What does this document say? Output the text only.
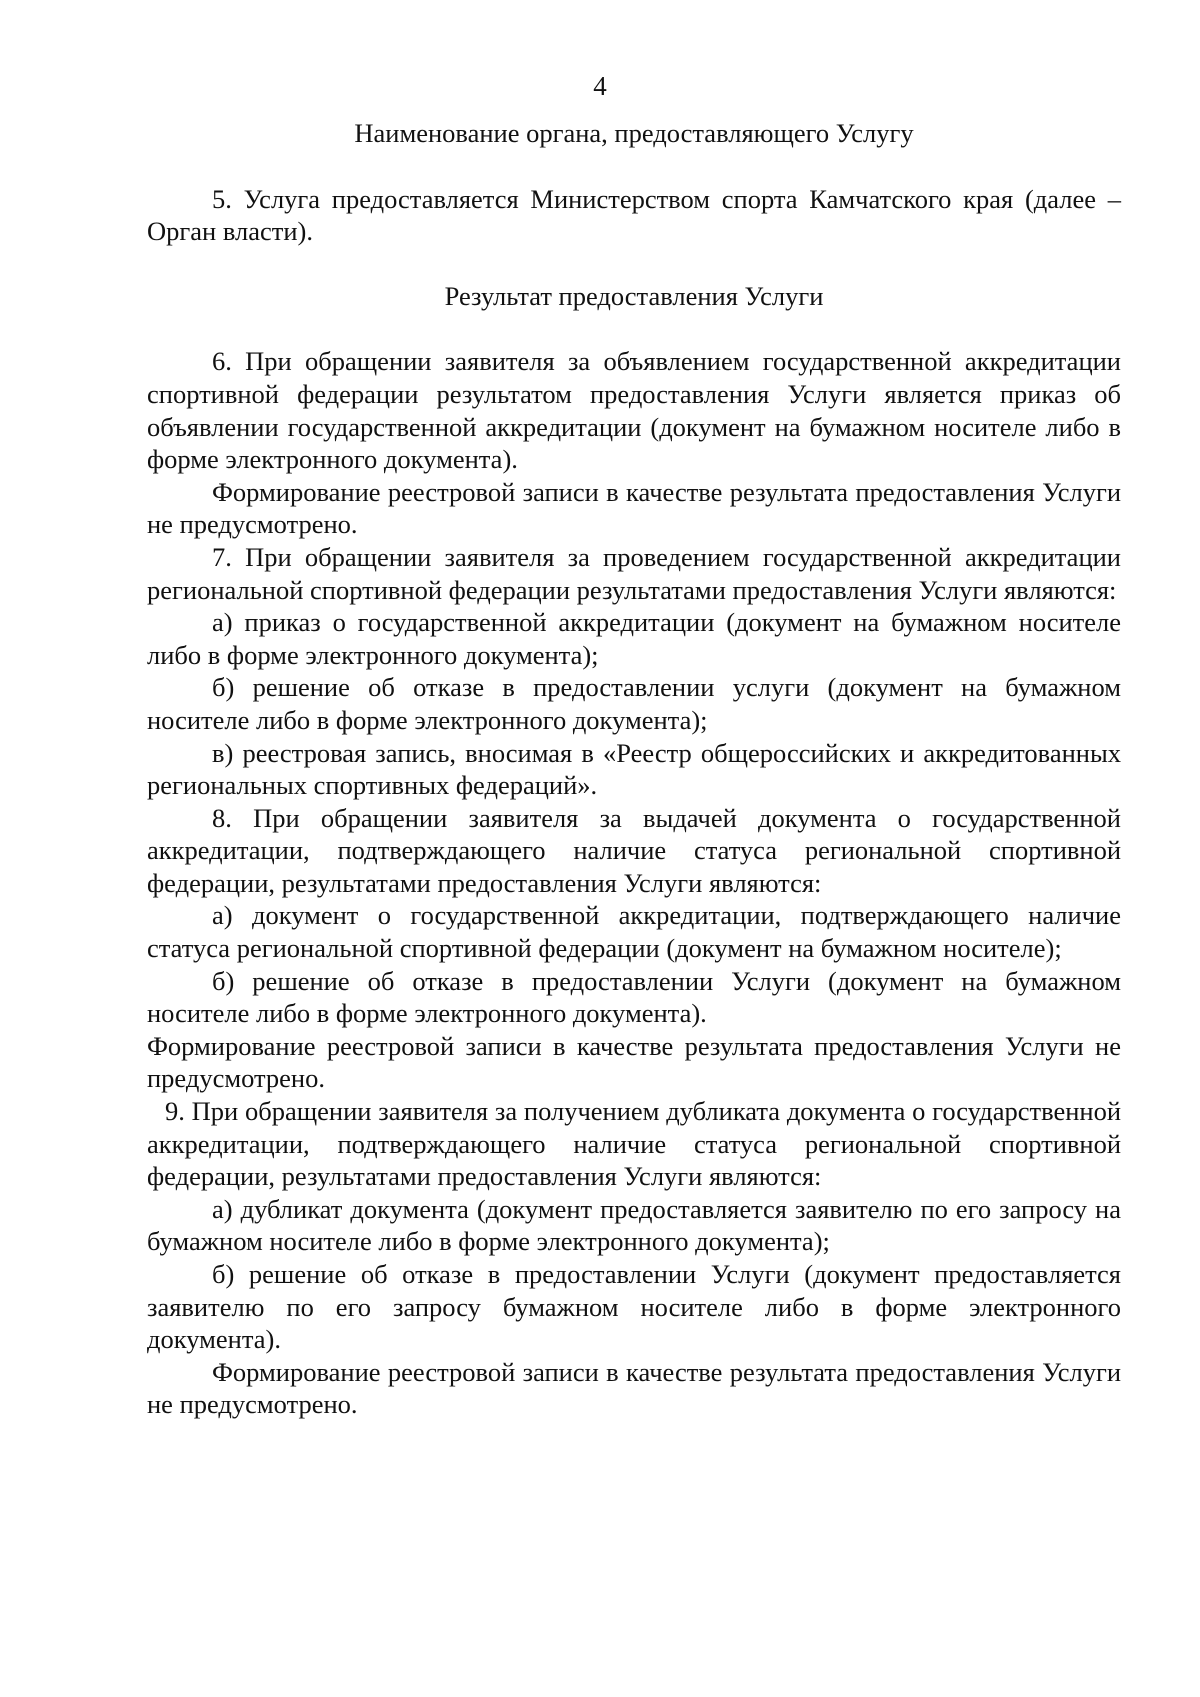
4

Наименование органа, предоставляющего Услугу

5. Услуга предоставляется Министерством спорта Камчатского края (далее – Орган власти).

Результат предоставления Услуги

6. При обращении заявителя за объявлением государственной аккредитации спортивной федерации результатом предоставления Услуги является приказ об объявлении государственной аккредитации (документ на бумажном носителе либо в форме электронного документа).

Формирование реестровой записи в качестве результата предоставления Услуги не предусмотрено.

7. При обращении заявителя за проведением государственной аккредитации региональной спортивной федерации результатами предоставления Услуги являются:

а) приказ о государственной аккредитации (документ на бумажном носителе либо в форме электронного документа);

б) решение об отказе в предоставлении услуги (документ на бумажном носителе либо в форме электронного документа);

в) реестровая запись, вносимая в «Реестр общероссийских и аккредитованных региональных спортивных федераций».

8. При обращении заявителя за выдачей документа о государственной аккредитации, подтверждающего наличие статуса региональной спортивной федерации, результатами предоставления Услуги являются:

а) документ о государственной аккредитации, подтверждающего наличие статуса региональной спортивной федерации (документ на бумажном носителе);

б) решение об отказе в предоставлении Услуги (документ на бумажном носителе либо в форме электронного документа).

Формирование реестровой записи в качестве результата предоставления Услуги не предусмотрено.

9. При обращении заявителя за получением дубликата документа о государственной аккредитации, подтверждающего наличие статуса региональной спортивной федерации, результатами предоставления Услуги являются:

а) дубликат документа (документ предоставляется заявителю по его запросу на бумажном носителе либо в форме электронного документа);

б) решение об отказе в предоставлении Услуги (документ предоставляется заявителю по его запросу бумажном носителе либо в форме электронного документа).

Формирование реестровой записи в качестве результата предоставления Услуги не предусмотрено.
